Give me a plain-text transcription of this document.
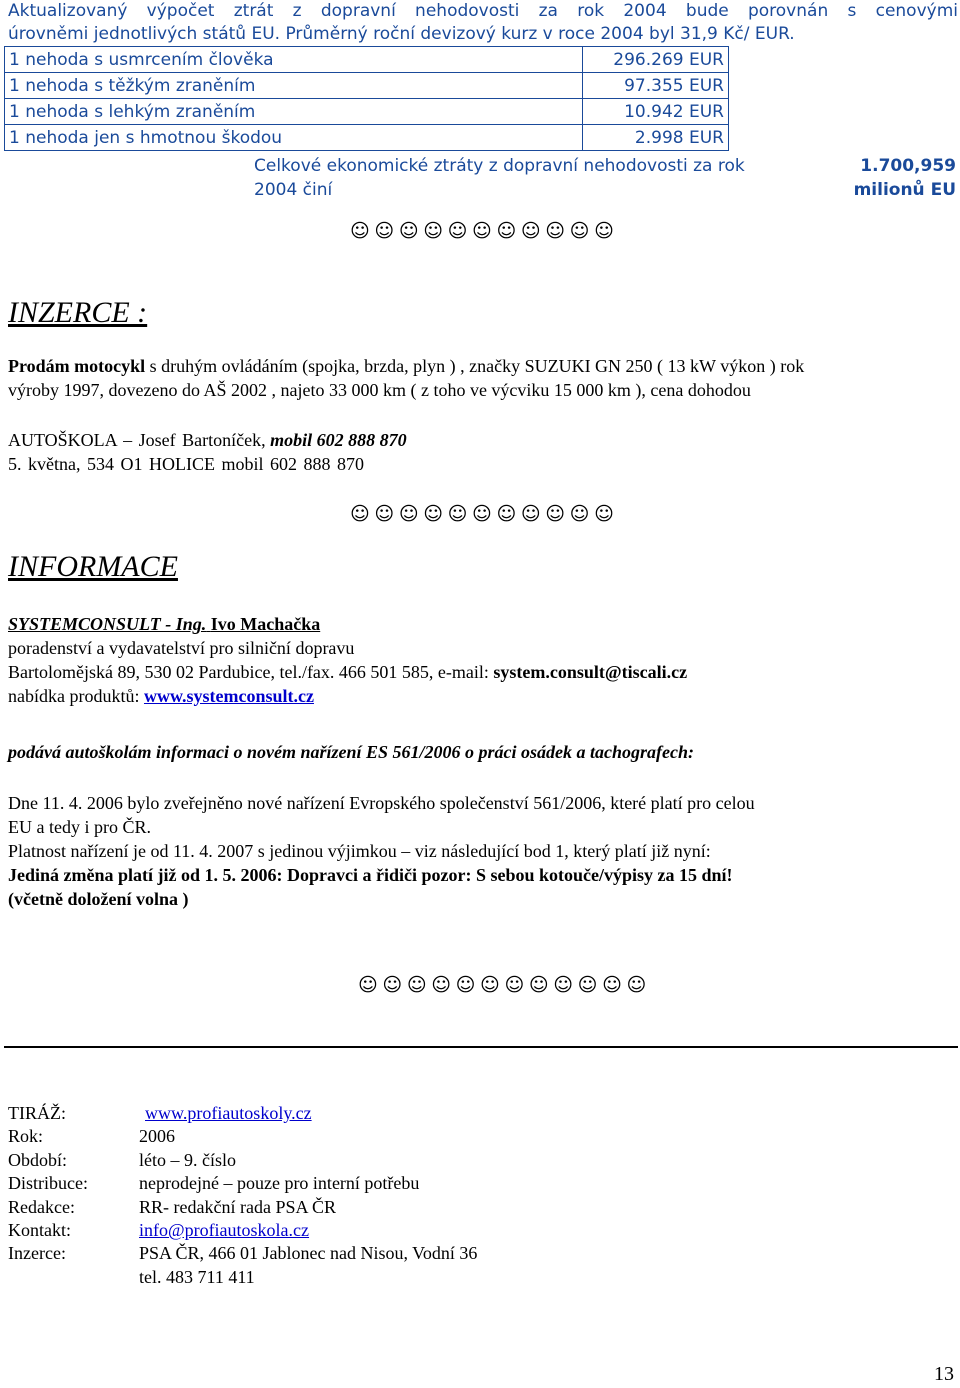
Aktualizovaný výpočet ztrát z dopravní nehodovosti za rok 2004 bude porovnán s cenovými

úrovněmi jednotlivých států EU. Průměrný roční devizový kurz v roce 2004 byl 31,9 Kč/ EUR.

1 nehoda s usmrcením člověka	296.269 EUR
1 nehoda s těžkým zraněním	97.355 EUR
1 nehoda s lehkým zraněním	10.942 EUR
1 nehoda jen s hmotnou škodou	2.998 EUR
Celkové ekonomické ztráty z dopravní nehodovosti za rok
2004 činí
1.700,959
milionů EU
☺☺☺☺☺☺☺☺☺☺☺
INZERCE :

Prodám motocykl s druhým ovládáním (spojka, brzda, plyn ) , značky SUZUKI GN 250 ( 13 kW výkon ) rok

výroby 1997, dovezeno do AŠ 2002 , najeto 33 000 km ( z toho ve výcviku 15 000 km ), cena dohodou

AUTOŠKOLA – Josef Bartoníček, mobil 602 888 870

5. května, 534 O1 HOLICE mobil 602 888 870

☺☺☺☺☺☺☺☺☺☺☺
INFORMACE

SYSTEMCONSULT - Ing. Ivo Machačka

poradenství a vydavatelství pro silniční dopravu

Bartolomějská 89, 530 02 Pardubice, tel./fax. 466 501 585, e-mail: system.consult@tiscali.cz

nabídka produktů: www.systemconsult.cz

podává autoškolám informaci o novém nařízení ES 561/2006 o práci osádek a tachografech:

Dne 11. 4. 2006 bylo zveřejněno nové nařízení Evropského společenství 561/2006, které platí pro celou

EU a tedy i pro ČR.

Platnost nařízení je od 11. 4. 2007 s jedinou výjimkou – viz následující bod 1, který platí již nyní:

Jediná změna platí již od 1. 5. 2006: Dopravci a řidiči pozor: S sebou kotouče/výpisy za 15 dní!

(včetně doložení volna )

☺☺☺☺☺☺☺☺☺☺☺☺
TIRÁŽ:	www.profiautoskoly.cz
Rok:	2006
Období:	léto – 9. číslo
Distribuce:	neprodejné – pouze pro interní potřebu
Redakce:	RR- redakční rada PSA ČR
Kontakt:	info@profiautoskola.cz
Inzerce:	PSA ČR, 466 01 Jablonec nad Nisou, Vodní 36
	tel. 483 711 411
13
